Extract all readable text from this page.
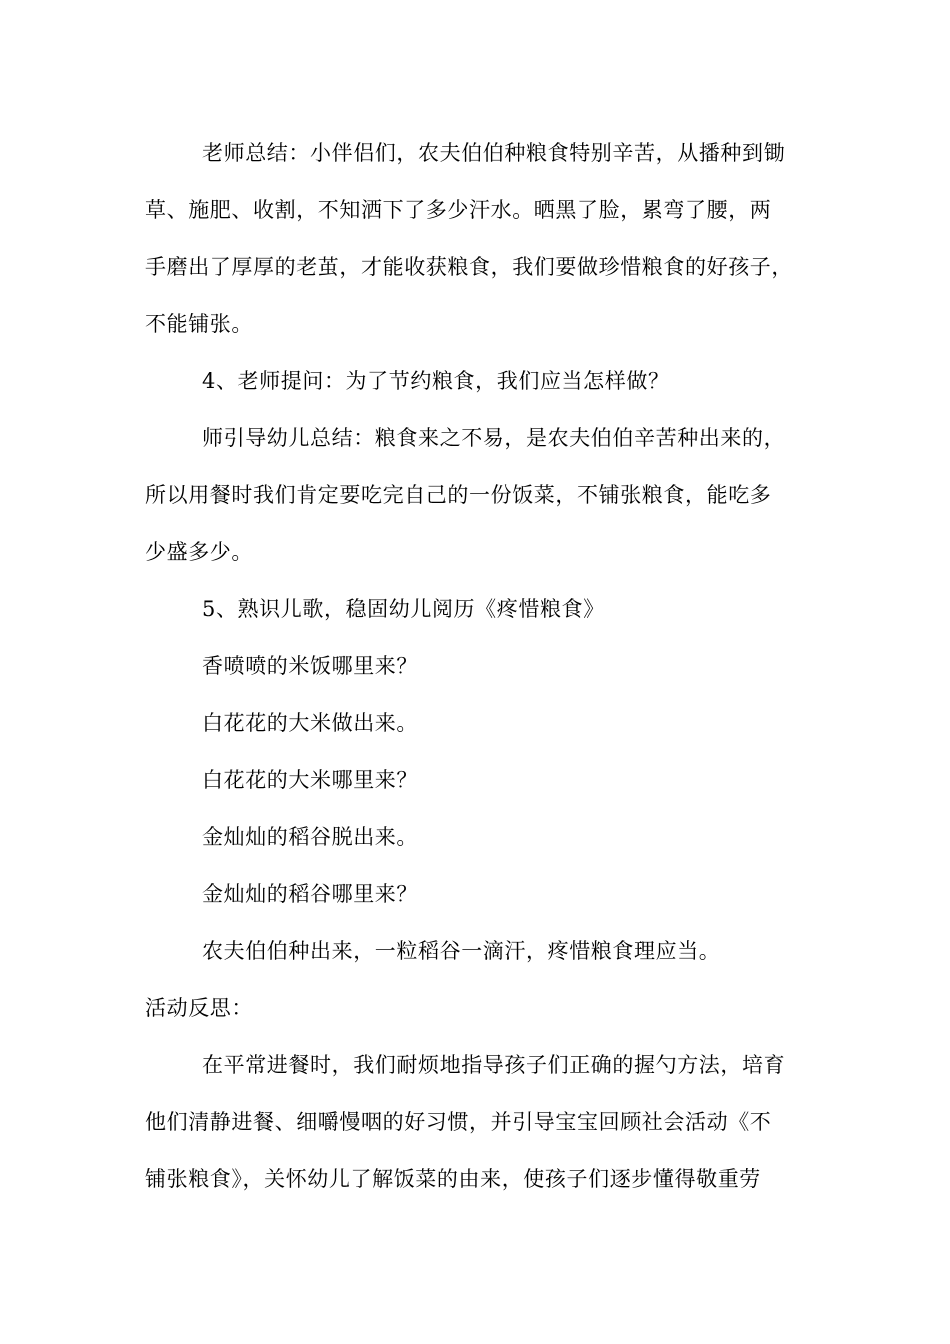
老师总结：小伴侣们，农夫伯伯种粮食特别辛苦，从播种到锄
草、施肥、收割，不知洒下了多少汗水。晒黑了脸，累弯了腰，两
手磨出了厚厚的老茧，才能收获粮食，我们要做珍惜粮食的好孩子，
不能铺张。
4、老师提问：为了节约粮食，我们应当怎样做？
师引导幼儿总结：粮食来之不易，是农夫伯伯辛苦种出来的，
所以用餐时我们肯定要吃完自己的一份饭菜，不铺张粮食，能吃多
少盛多少。
5、熟识儿歌，稳固幼儿阅历《疼惜粮食》
香喷喷的米饭哪里来？
白花花的大米做出来。
白花花的大米哪里来？
金灿灿的稻谷脱出来。
金灿灿的稻谷哪里来？
农夫伯伯种出来，一粒稻谷一滴汗，疼惜粮食理应当。
活动反思：
在平常进餐时，我们耐烦地指导孩子们正确的握勺方法，培育
他们清静进餐、细嚼慢咽的好习惯，并引导宝宝回顾社会活动《不
铺张粮食》，关怀幼儿了解饭菜的由来，使孩子们逐步懂得敬重劳
